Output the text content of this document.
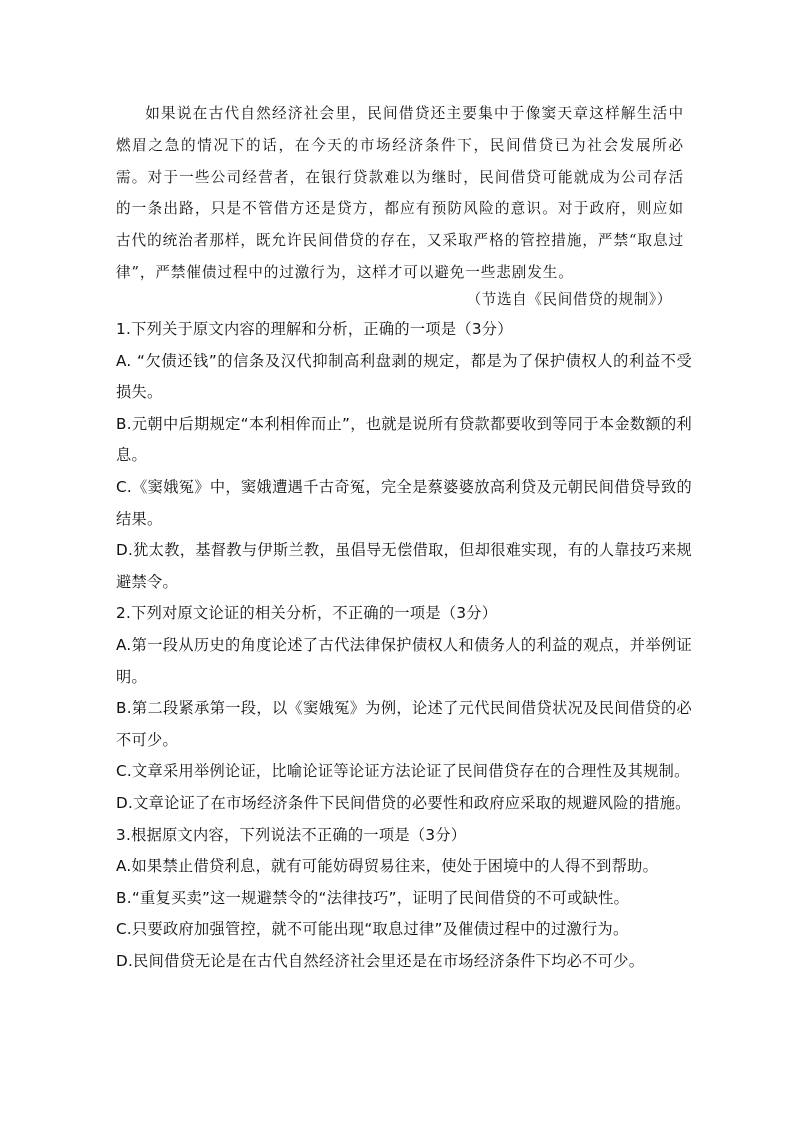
如果说在古代自然经济社会里，民间借贷还主要集中于像窦天章这样解生活中燃眉之急的情况下的话，在今天的市场经济条件下，民间借贷已为社会发展所必需。对于一些公司经营者，在银行贷款难以为继时，民间借贷可能就成为公司存活的一条出路，只是不管借方还是贷方，都应有预防风险的意识。对于政府，则应如古代的统治者那样，既允许民间借贷的存在，又采取严格的管控措施，严禁“取息过律”，严禁催债过程中的过激行为，这样才可以避免一些悲剧发生。

（节选自《民间借贷的规制》）

1.下列关于原文内容的理解和分析，正确的一项是（3分）

A. “欠债还钱”的信条及汉代抑制高利盘剥的规定，都是为了保护债权人的利益不受损失。

B.元朝中后期规定“本利相侔而止”，也就是说所有贷款都要收到等同于本金数额的利息。

C.《窦娥冤》中，窦娥遭遇千古奇冤，完全是蔡婆婆放高利贷及元朝民间借贷导致的结果。

D.犹太教，基督教与伊斯兰教，虽倡导无偿借取，但却很难实现，有的人靠技巧来规避禁令。

2.下列对原文论证的相关分析，不正确的一项是（3分）

A.第一段从历史的角度论述了古代法律保护债权人和债务人的利益的观点，并举例证明。

B.第二段紧承第一段，以《窦娥冤》为例，论述了元代民间借贷状况及民间借贷的必不可少。

C.文章采用举例论证，比喻论证等论证方法论证了民间借贷存在的合理性及其规制。

D.文章论证了在市场经济条件下民间借贷的必要性和政府应采取的规避风险的措施。

3.根据原文内容，下列说法不正确的一项是（3分）

A.如果禁止借贷利息，就有可能妨碍贸易往来，使处于困境中的人得不到帮助。

B.“重复买卖”这一规避禁令的“法律技巧”，证明了民间借贷的不可或缺性。

C.只要政府加强管控，就不可能出现“取息过律”及催债过程中的过激行为。

D.民间借贷无论是在古代自然经济社会里还是在市场经济条件下均必不可少。
